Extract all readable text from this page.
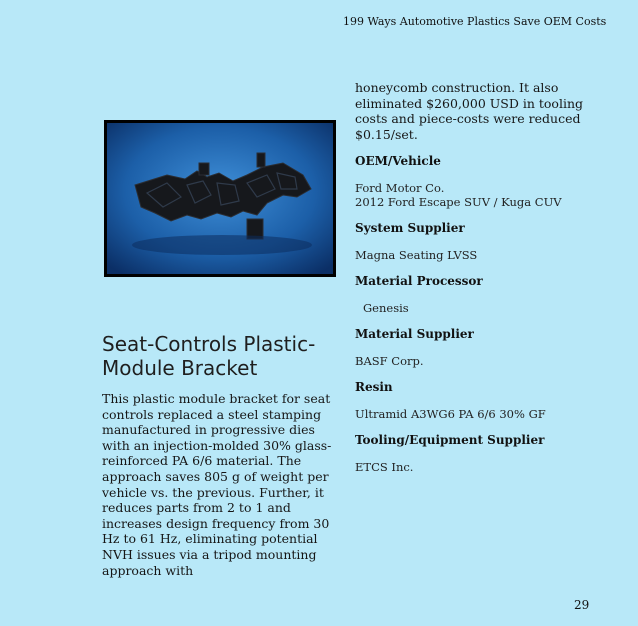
199 Ways Automotive Plastics Save OEM Costs
Seat-Controls Plastic-Module Bracket
This plastic module bracket for seat controls replaced a steel stamping manufactured in progressive dies with an injection-molded 30% glass-reinforced PA 6/6 material. The approach saves 805 g of weight per vehicle vs. the previous. Further, it reduces parts from 2 to 1 and increases design frequency from 30 Hz to 61 Hz, eliminating potential NVH issues via a tripod mounting approach with

honeycomb construction. It also eliminated $260,000 USD in tooling costs and piece-costs were reduced $0.15/set.

OEM/Vehicle

Ford Motor Co.
2012 Ford Escape SUV / Kuga CUV

System Supplier

Magna Seating LVSS

Material Processor

Genesis

Material Supplier

BASF Corp.

Resin

Ultramid A3WG6 PA 6/6 30% GF

Tooling/Equipment Supplier

ETCS Inc.

29
